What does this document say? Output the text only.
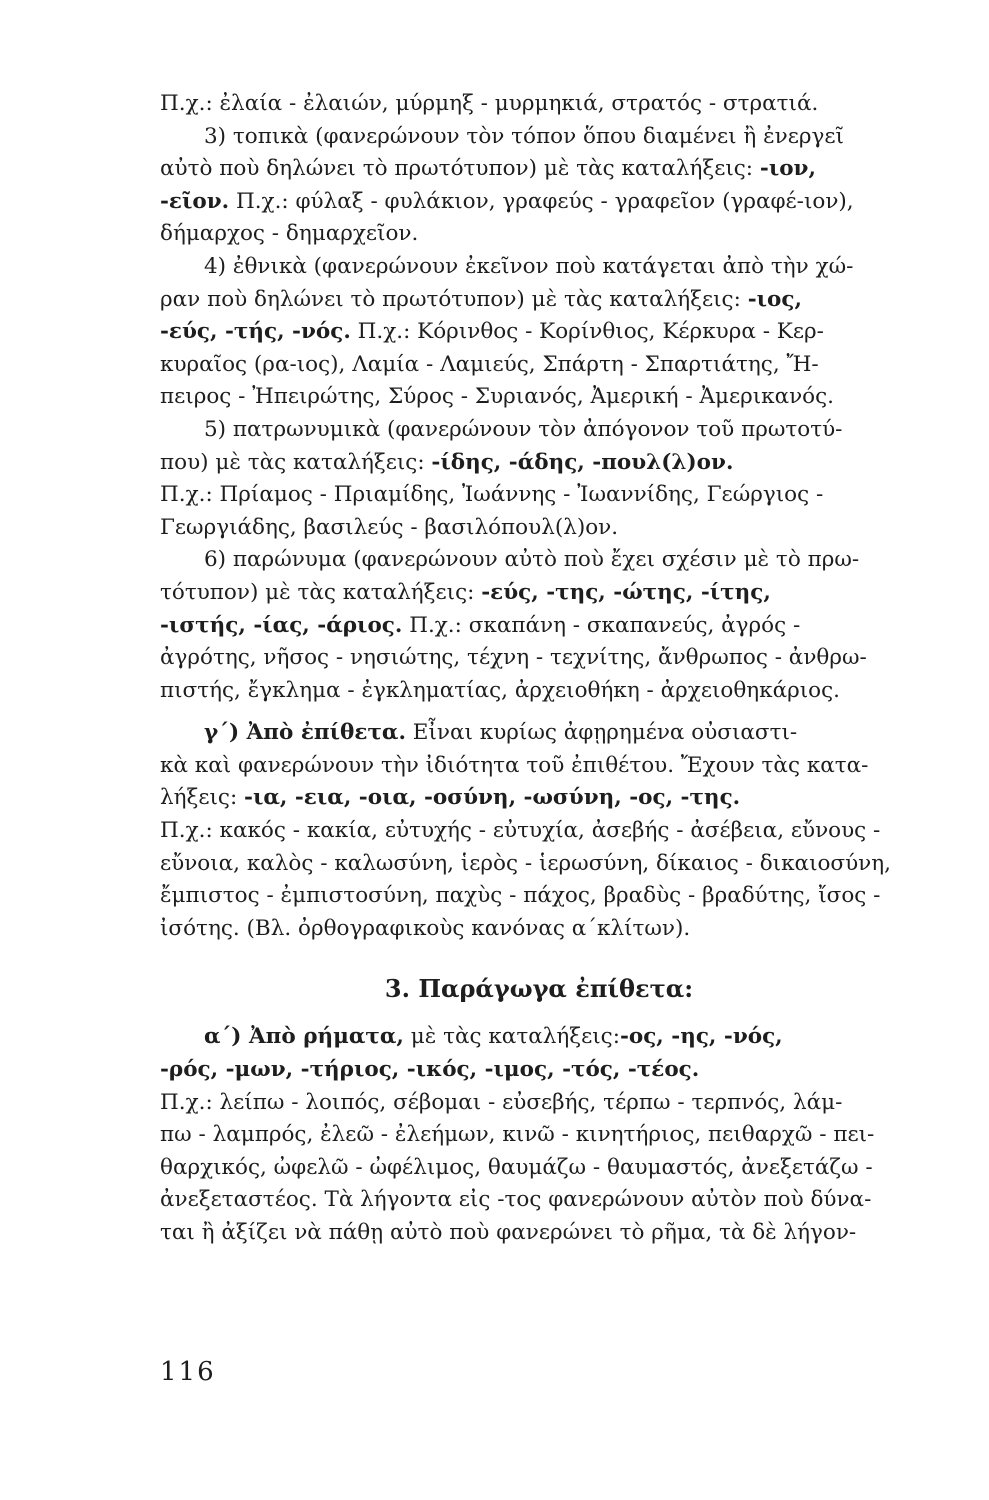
Π.χ.: ἐλαία - ἐλαιών, μύρμηξ - μυρμηκιά, στρατός - στρατιά.
3) τοπικὰ (φανερώνουν τὸν τόπον ὅπου διαμένει ἢ ἐνεργεῖ
αὐτὸ ποὺ δηλώνει τὸ πρωτότυπον) μὲ τὰς καταλήξεις: -ιον,
-εῖον. Π.χ.: φύλαξ - φυλάκιον, γραφεύς - γραφεῖον (γραφέ-ιον),
δήμαρχος - δημαρχεῖον.
4) ἐθνικὰ (φανερώνουν ἐκεῖνον ποὺ κατάγεται ἀπὸ τὴν χώ-
ραν ποὺ δηλώνει τὸ πρωτότυπον) μὲ τὰς καταλήξεις: -ιος,
-εύς, -τής, -νός. Π.χ.: Κόρινθος - Κορίνθιος, Κέρκυρα - Κερ-
κυραῖος (ρα-ιος), Λαμία - Λαμιεύς, Σπάρτη - Σπαρτιάτης, Ἤ-
πειρος - Ἠπειρώτης, Σύρος - Συριανός, Ἀμερική - Ἀμερικανός.
5) πατρωνυμικὰ (φανερώνουν τὸν ἀπόγονον τοῦ πρωτοτύ-
που) μὲ τὰς καταλήξεις: -ίδης, -άδης, -πουλ(λ)ον.
Π.χ.: Πρίαμος - Πριαμίδης, Ἰωάννης - Ἰωαννίδης, Γεώργιος -
Γεωργιάδης, βασιλεύς - βασιλόπουλ(λ)ον.
6) παρώνυμα (φανερώνουν αὐτὸ ποὺ ἔχει σχέσιν μὲ τὸ πρω-
τότυπον) μὲ τὰς καταλήξεις: -εύς, -της, -ώτης, -ίτης,
-ιστής, -ίας, -άριος. Π.χ.: σκαπάνη - σκαπανεύς, ἀγρός -
ἀγρότης, νῆσος - νησιώτης, τέχνη - τεχνίτης, ἄνθρωπος - ἀνθρω-
πιστής, ἔγκλημα - ἐγκληματίας, ἀρχειοθήκη - ἀρχειοθηκάριος.
γ΄) Ἀπὸ ἐπίθετα. Εἶναι κυρίως ἀφῃρημένα οὐσιαστι-
κὰ καὶ φανερώνουν τὴν ἰδιότητα τοῦ ἐπιθέτου. Ἔχουν τὰς κατα-
λήξεις: -ια, -εια, -οια, -οσύνη, -ωσύνη, -ος, -της.
Π.χ.: κακός - κακία, εὐτυχής - εὐτυχία, ἀσεβής - ἀσέβεια, εὔνους -
εὔνοια, καλὸς - καλωσύνη, ἱερὸς - ἱερωσύνη, δίκαιος - δικαιοσύνη,
ἔμπιστος - ἐμπιστοσύνη, παχὺς - πάχος, βραδὺς - βραδύτης, ἴσος -
ἰσότης. (Βλ. ὀρθογραφικοὺς κανόνας α΄κλίτων).
3. Παράγωγα ἐπίθετα:
α΄) Ἀπὸ ρήματα, μὲ τὰς καταλήξεις:-ος, -ης, -νός,
-ρός, -μων, -τήριος, -ικός, -ιμος, -τός, -τέος.
Π.χ.: λείπω - λοιπός, σέβομαι - εὐσεβής, τέρπω - τερπνός, λάμ-
πω - λαμπρός, ἐλεῶ - ἐλεήμων, κινῶ - κινητήριος, πειθαρχῶ - πει-
θαρχικός, ὠφελῶ - ὠφέλιμος, θαυμάζω - θαυμαστός, ἀνεξετάζω -
ἀνεξεταστέος. Τὰ λήγοντα εἰς -τος φανερώνουν αὐτὸν ποὺ δύνα-
ται ἢ ἀξίζει νὰ πάθῃ αὐτὸ ποὺ φανερώνει τὸ ρῆμα, τὰ δὲ λήγον-
116
